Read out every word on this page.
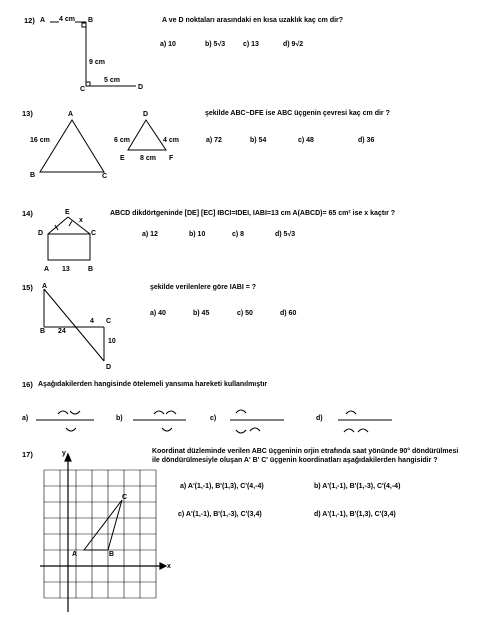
12)	A ve D noktaları arasındaki en kısa uzaklık kaç cm dir?
A 4 cm B
9 cm
C
5 cm
D
a) 10	b) 5√3	c) 13	d) 9√2
13)	şekilde ABC~DFE ise ABC üçgenin çevresi kaç cm dir ?
A
16 cm
B	C
D
6 cm	4 cm
E 8 cm F
a) 72	b) 54	c) 48	d) 36
14)	ABCD dikdörtgeninde [DE] [EC] IBCI=IDEI, IABI=13 cm A(ABCD)= 65 cm² ise x kaçtır ?
E
x
D	C
A 13	B
a) 12	b) 10	c) 8	d) 5√3
15)	şekilde verilenlere göre IABI = ?
A
B 24
4 C
10
D
a) 40	b) 45	c) 50	d) 60
16) Aşağıdakilerden hangisinde ötelemeli yansıma hareketi kullanılmıştır
a)	b)	c)	d)
17)	Koordinat düzleminde verilen ABC üçgeninin orjin etrafında saat yönünde 90° döndürülmesi
ile döndürülmesiyle oluşan A' B' C' üçgenin koordinatları aşağıdakilerden hangisidir ?
y
x
A	B
C
a) A'(1,-1), B'(1,3), C'(4,-4)	b) A'(1,-1), B'(1,-3), C'(4,-4)
c) A'(1,-1), B'(1,-3), C'(3,4)	d) A'(1,-1), B'(1,3), C'(3,4)
